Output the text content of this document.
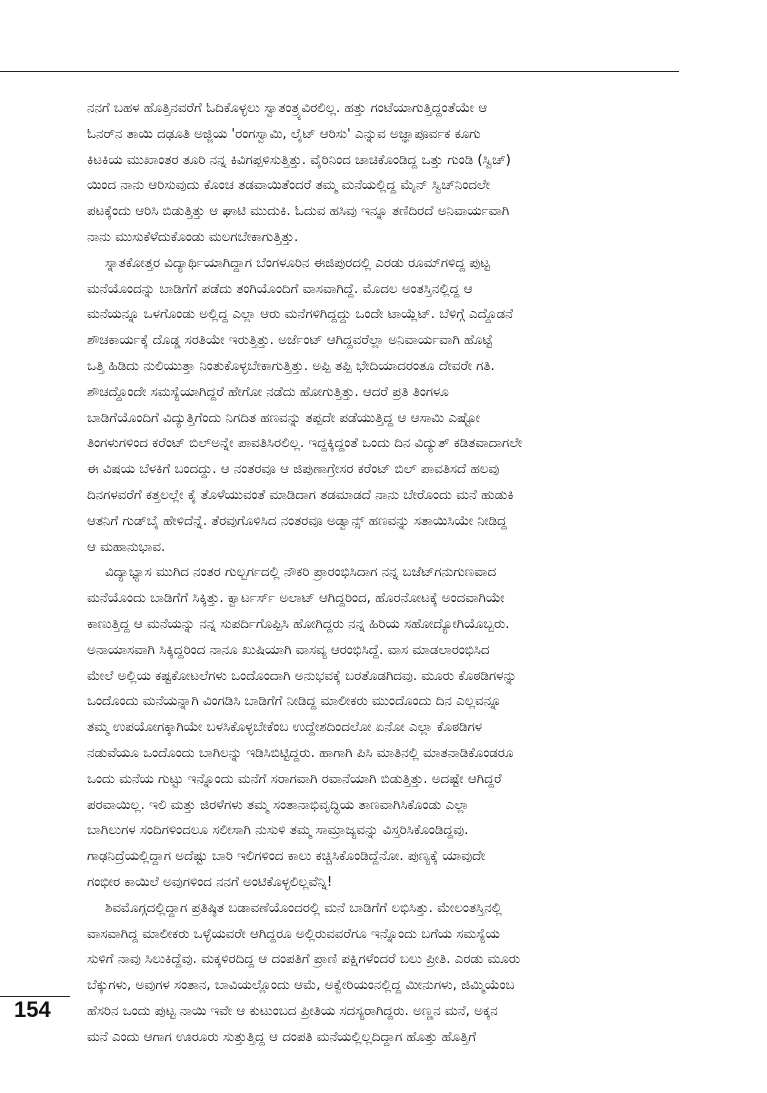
ನನಗೆ ಬಹಳ ಹೊತ್ತಿನವರೆಗೆ ಓದಿಕೊಳ್ಳಲು ಸ್ವಾತಂತ್ರ್ಯವಿರಲಿಲ್ಲ. ಹತ್ತು ಗಂಟೆಯಾಗುತ್ತಿದ್ದಂತೆಯೇ ಆ
ಓನರ್‌ನ ತಾಯಿ ದಢೂತಿ ಅಜ್ಜಿಯ 'ರಂಗಸ್ವಾಮಿ, ಲೈಟ್ ಆರಿಸು' ಎನ್ನುವ ಅಜ್ಞಾಪೂರ್ವಕ ಕೂಗು
ಕಿಟಕಿಯ ಮುಖಾಂತರ ತೂರಿ ನನ್ನ ಕಿವಿಗಪ್ಪಳಿಸುತ್ತಿತ್ತು. ವೈರಿನಿಂದ ಚಾಚಿಕೊಂಡಿದ್ದ ಒತ್ತು ಗುಂಡಿ (ಸ್ವಿಚ್)
ಯಿಂದ ನಾನು ಆರಿಸುವುದು ಕೊಂಚ ತಡವಾಯಿತೆಂದರೆ ತಮ್ಮ ಮನೆಯಲ್ಲಿದ್ದ ಮೈನ್ ಸ್ವಿಚ್‌ನಿಂದಲೇ
ಪಟಕ್ಕೆಂದು ಆರಿಸಿ ಬಿಡುತ್ತಿತ್ತು ಆ ಘಾಟಿ ಮುದುಕಿ. ಓದುವ ಹಸಿವು ಇನ್ನೂ ತಣಿದಿರದೆ ಅನಿವಾರ್ಯವಾಗಿ
ನಾನು ಮುಸುಕೆಳೆದುಕೊಂಡು ಮಲಗಬೇಕಾಗುತ್ತಿತ್ತು.
ಸ್ನಾತಕೋತ್ತರ ವಿದ್ಯಾರ್ಥಿಯಾಗಿದ್ದಾಗ ಬೆಂಗಳೂರಿನ ಈಜಿಪುರದಲ್ಲಿ ಎರಡು ರೂಮ್‌ಗಳಿದ್ದ ಪುಟ್ಟ
ಮನೆಯೊಂದನ್ನು ಬಾಡಿಗೆಗೆ ಪಡೆದು ತಂಗಿಯೊಂದಿಗೆ ವಾಸವಾಗಿದ್ದೆ. ಮೊದಲ ಅಂತಸ್ತಿನಲ್ಲಿದ್ದ ಆ
ಮನೆಯನ್ನೂ ಒಳಗೊಂಡು ಅಲ್ಲಿದ್ದ ಎಲ್ಲಾ ಆರು ಮನೆಗಳಿಗಿದ್ದದ್ದು ಒಂದೇ ಟಾಯ್ಲೆಟ್. ಬೆಳಿಗ್ಗೆ ಎದ್ದೊಡನೆ
ಶೌಚಕಾರ್ಯಕ್ಕೆ ದೊಡ್ಡ ಸರತಿಯೇ ಇರುತ್ತಿತ್ತು. ಅರ್ಜೆಂಟ್ ಆಗಿದ್ದವರೆಲ್ಲಾ ಅನಿವಾರ್ಯವಾಗಿ ಹೊಟ್ಟೆ
ಒತ್ತಿ ಹಿಡಿದು ನುಲಿಯುತ್ತಾ ನಿಂತುಕೊಳ್ಳಬೇಕಾಗುತ್ತಿತ್ತು. ಅಪ್ಪಿ ತಪ್ಪಿ ಭೇದಿಯಾದರಂತೂ ದೇವರೇ ಗತಿ.
ಶೌಚದ್ದೊಂದೇ ಸಮಸ್ಯೆಯಾಗಿದ್ದರೆ ಹೇಗೋ ನಡೆದು ಹೋಗುತ್ತಿತ್ತು. ಆದರೆ ಪ್ರತಿ ತಿಂಗಳೂ
ಬಾಡಿಗೆಯೊಂದಿಗೆ ವಿದ್ಯುತ್ತಿಗೆಂದು ನಿಗದಿತ ಹಣವನ್ನು ತಪ್ಪದೇ ಪಡೆಯುತ್ತಿದ್ದ ಆ ಆಸಾಮಿ ಎಷ್ಟೋ
ತಿಂಗಳುಗಳಿಂದ ಕರೆಂಟ್ ಬಿಲ್‌ಅನ್ನೇ ಪಾವತಿಸಿರಲಿಲ್ಲ. ಇದ್ದಕ್ಕಿದ್ದಂತೆ ಒಂದು ದಿನ ವಿದ್ಯುತ್ ಕಡಿತವಾದಾಗಲೇ
ಈ ವಿಷಯ ಬೆಳಕಿಗೆ ಬಂದದ್ದು. ಆ ನಂತರವೂ ಆ ಜಿಪುಣಾಗ್ರೇಸರ ಕರೆಂಟ್ ಬಿಲ್ ಪಾವತಿಸದೆ ಹಲವು
ದಿನಗಳವರೆಗೆ ಕತ್ತಲಲ್ಲೇ ಕೈ ತೊಳೆಯುವಂತೆ ಮಾಡಿದಾಗ ತಡಮಾಡದೆ ನಾನು ಬೇರೊಂದು ಮನೆ ಹುಡುಕಿ
ಆತನಿಗೆ ಗುಡ್‌ಬೈ ಹೇಳಿದೆನ್ನೆ. ತೆರವುಗೊಳಿಸಿದ ನಂತರವೂ ಅಡ್ವಾನ್ಸ್ ಹಣವನ್ನು ಸತಾಯಿಸಿಯೇ ನೀಡಿದ್ದ
ಆ ಮಹಾನುಭಾವ.
ವಿದ್ಯಾಭ್ಯಾಸ ಮುಗಿದ ನಂತರ ಗುಲ್ಬರ್ಗದಲ್ಲಿ ನೌಕರಿ ಪ್ರಾರಂಭಿಸಿದಾಗ ನನ್ನ ಬಜೆಟ್‌ಗನುಗುಣವಾದ
ಮನೆಯೊಂದು ಬಾಡಿಗೆಗೆ ಸಿಕ್ಕಿತ್ತು. ಕ್ವಾರ್ಟರ್ಸ್ ಅಲಾಟ್ ಆಗಿದ್ದರಿಂದ, ಹೊರನೋಟಕ್ಕೆ ಅಂದವಾಗಿಯೇ
ಕಾಣುತ್ತಿದ್ದ ಆ ಮನೆಯನ್ನು ನನ್ನ ಸುಪರ್ದಿಗೊಪ್ಪಿಸಿ ಹೋಗಿದ್ದರು ನನ್ನ ಹಿರಿಯ ಸಹೋದ್ಯೋಗಿಯೊಬ್ಬರು.
ಅನಾಯಾಸವಾಗಿ ಸಿಕ್ಕಿದ್ದರಿಂದ ನಾನೂ ಖುಷಿಯಾಗಿ ವಾಸವ್ಯ ಆರಂಭಿಸಿದ್ದೆ. ವಾಸ ಮಾಡಲಾರಂಭಿಸಿದ
ಮೇಲೆ ಅಲ್ಲಿಯ ಕಷ್ಟಕೋಟಲೆಗಳು ಒಂದೊಂದಾಗಿ ಅನುಭವಕ್ಕೆ ಬರತೊಡಗಿದವು. ಮೂರು ಕೊಠಡಿಗಳನ್ನು
ಒಂದೊಂದು ಮನೆಯನ್ನಾಗಿ ವಿಂಗಡಿಸಿ ಬಾಡಿಗೆಗೆ ನೀಡಿದ್ದ ಮಾಲೀಕರು ಮುಂದೊಂದು ದಿನ ಎಲ್ಲವನ್ನೂ
ತಮ್ಮ ಉಪಯೋಗಕ್ಕಾಗಿಯೇ ಬಳಸಿಕೊಳ್ಳಬೇಕೆಂಬ ಉದ್ದೇಶದಿಂದಲೋ ಏನೋ ಎಲ್ಲಾ ಕೊಠಡಿಗಳ
ನಡುವೆಯೂ ಒಂದೊಂದು ಬಾಗಿಲನ್ನು ಇಡಿಸಿಬಿಟ್ಟಿದ್ದರು. ಹಾಗಾಗಿ ಪಿಸಿ ಮಾತಿನಲ್ಲಿ ಮಾತನಾಡಿಕೊಂಡರೂ
ಒಂದು ಮನೆಯ ಗುಟ್ಟು ಇನ್ನೊಂದು ಮನೆಗೆ ಸರಾಗವಾಗಿ ರವಾನೆಯಾಗಿ ಬಿಡುತ್ತಿತ್ತು. ಅದಷ್ಟೇ ಆಗಿದ್ದರೆ
ಪರವಾಯಿಲ್ಲ. ಇಲಿ ಮತ್ತು ಜಿರಳೆಗಳು ತಮ್ಮ ಸಂತಾನಾಭಿವೃದ್ಧಿಯ ತಾಣವಾಗಿಸಿಕೊಂಡು ಎಲ್ಲಾ
ಬಾಗಿಲುಗಳ ಸಂದಿಗಳಿಂದಲೂ ಸಲೀಸಾಗಿ ನುಸುಳಿ ತಮ್ಮ ಸಾಮ್ರಾಜ್ಯವನ್ನು ವಿಸ್ತರಿಸಿಕೊಂಡಿದ್ದವು.
ಗಾಢನಿದ್ರೆಯಲ್ಲಿದ್ದಾಗ ಅದೆಷ್ಟು ಬಾರಿ ಇಲಿಗಳಿಂದ ಕಾಲು ಕಚ್ಚಿಸಿಕೊಂಡಿದ್ದೆನೋ. ಪುಣ್ಯಕ್ಕೆ ಯಾವುದೇ
ಗಂಭೀರ ಕಾಯಿಲೆ ಅವುಗಳಿಂದ ನನಗೆ ಅಂಟಿಕೊಳ್ಳಲಿಲ್ಲವೆನ್ನಿ!
ಶಿವಮೊಗ್ಗದಲ್ಲಿದ್ದಾಗ ಪ್ರತಿಷ್ಠಿತ ಬಡಾವಣೆಯೊಂದರಲ್ಲಿ ಮನೆ ಬಾಡಿಗೆಗೆ ಲಭಿಸಿತ್ತು. ಮೇಲಂತಸ್ತಿನಲ್ಲಿ
ವಾಸವಾಗಿದ್ದ ಮಾಲೀಕರು ಒಳ್ಳೆಯವರೇ ಆಗಿದ್ದರೂ ಅಲ್ಲಿರುವವರೆಗೂ ಇನ್ನೊಂದು ಬಗೆಯ ಸಮಸ್ಯೆಯ
ಸುಳಿಗೆ ನಾವು ಸಿಲುಕಿದ್ದೆವು. ಮಕ್ಕಳಿರದಿದ್ದ ಆ ದಂಪತಿಗೆ ಪ್ರಾಣಿ ಪಕ್ಷಿಗಳೆಂದರೆ ಬಲು ಪ್ರೀತಿ. ಎರಡು ಮೂರು
ಬೆಕ್ಕುಗಳು, ಅವುಗಳ ಸಂತಾನ, ಬಾವಿಯಲ್ಲೊಂದು ಆಮೆ, ಅಕ್ವೇರಿಯಂನಲ್ಲಿದ್ದ ಮೀನುಗಳು, ಜಿಮ್ಮಿಯೆಂಬ
ಹೆಸರಿನ ಒಂದು ಪುಟ್ಟ ನಾಯಿ ಇವೇ ಆ ಕುಟುಂಬದ ಪ್ರೀತಿಯ ಸದಸ್ಯರಾಗಿದ್ದರು. ಅಣ್ಣನ ಮನೆ, ಅಕ್ಕನ
ಮನೆ ಎಂದು ಆಗಾಗ ಊರೂರು ಸುತ್ತುತ್ತಿದ್ದ ಆ ದಂಪತಿ ಮನೆಯಲ್ಲಿಲ್ಲದಿದ್ದಾಗ ಹೊತ್ತು ಹೊತ್ತಿಗೆ
154
